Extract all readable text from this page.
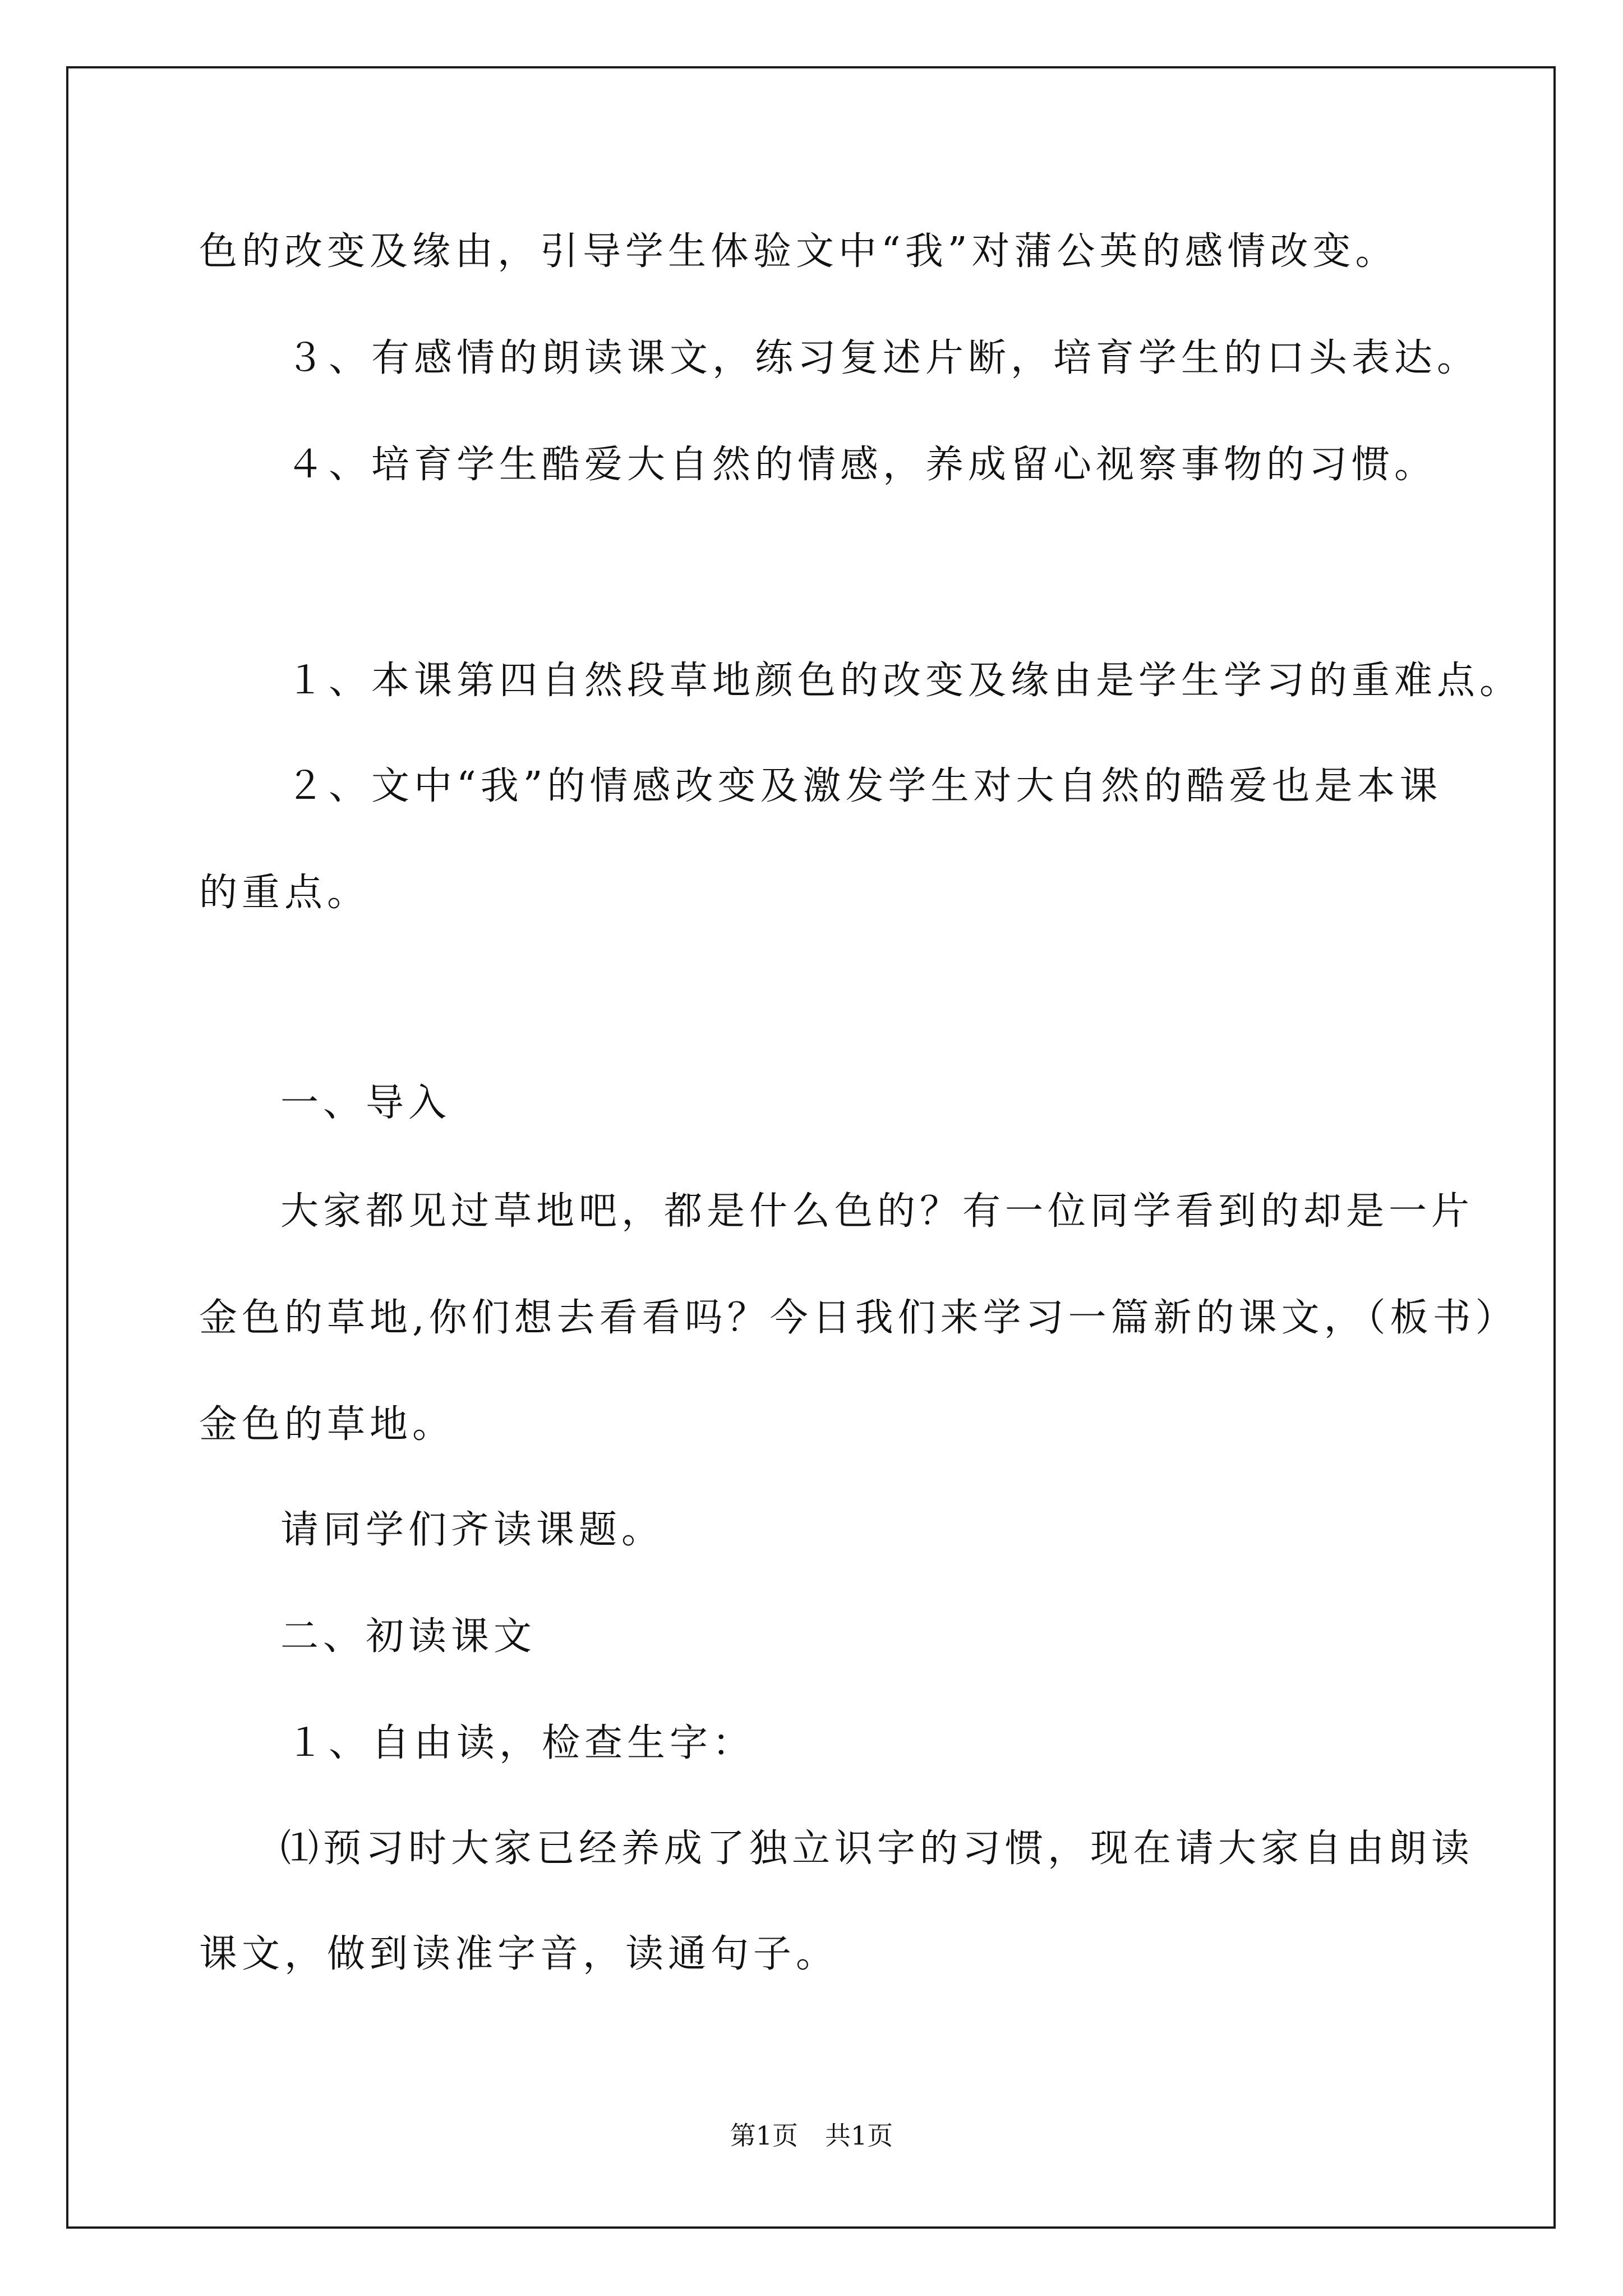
色的改变及缘由，引导学生体验文中“我”对蒲公英的感情改变。
３、有感情的朗读课文，练习复述片断，培育学生的口头表达。
４、培育学生酷爱大自然的情感，养成留心视察事物的习惯。
１、本课第四自然段草地颜色的改变及缘由是学生学习的重难点。
２、文中“我”的情感改变及激发学生对大自然的酷爱也是本课
的重点。
一、导入
大家都见过草地吧，都是什么色的？有一位同学看到的却是一片
金色的草地,你们想去看看吗？今日我们来学习一篇新的课文，（板书）
金色的草地。
请同学们齐读课题。
二、初读课文
１、自由读，检查生字：
⑴预习时大家已经养成了独立识字的习惯，现在请大家自由朗读
课文，做到读准字音，读通句子。
第1页 共1页
